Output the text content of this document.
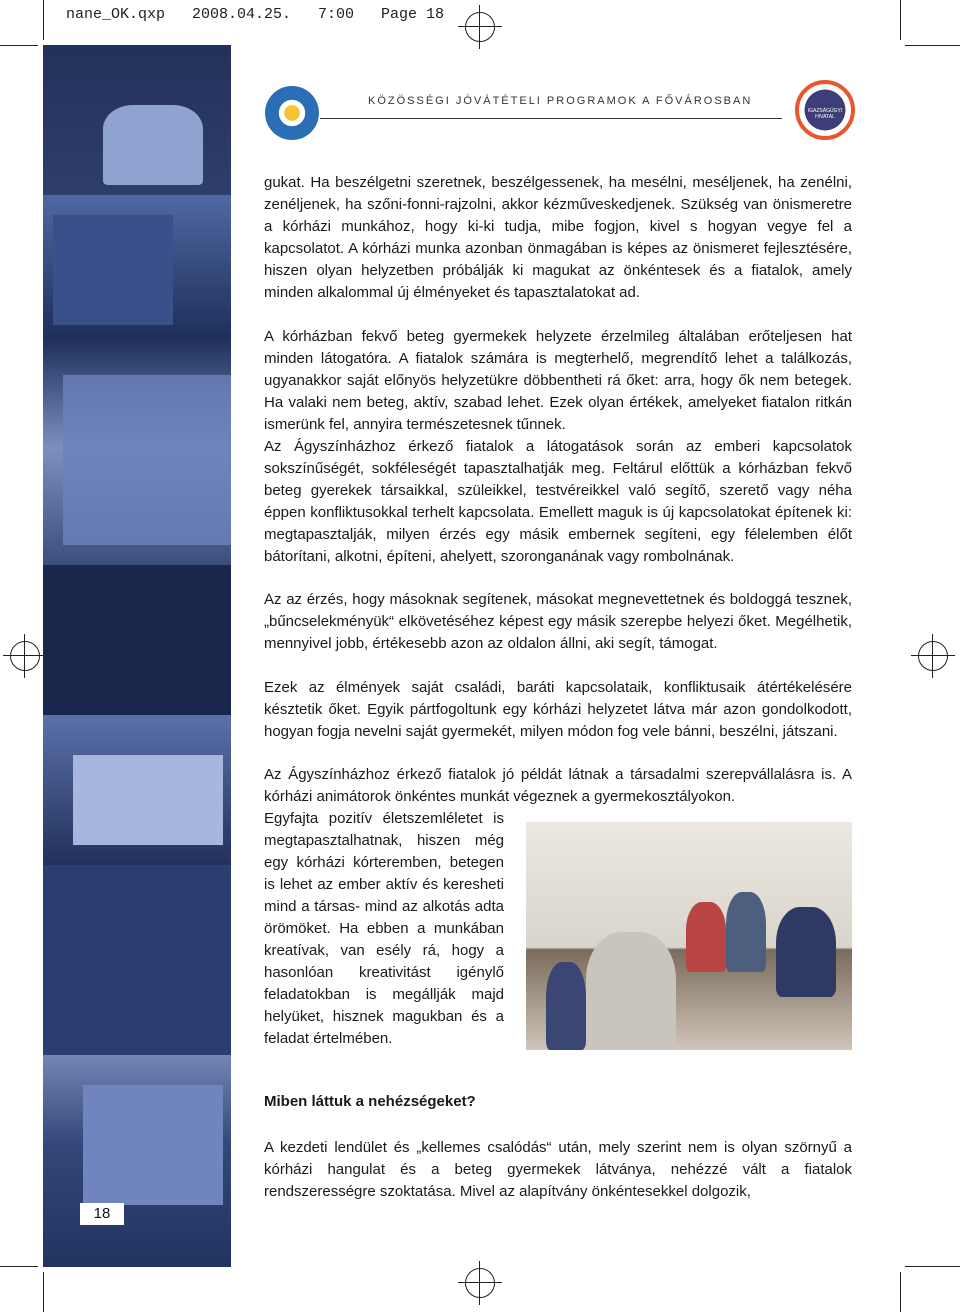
nane_OK.qxp   2008.04.25.   7:00   Page 18
18
KÖZÖSSÉGI JÓVÁTÉTELI PROGRAMOK A FŐVÁROSBAN
IGAZSÁGÜGYI HIVATAL

gukat. Ha beszélgetni szeretnek, beszélgessenek, ha mesélni, meséljenek, ha zenélni, zenéljenek, ha szőni-fonni-rajzolni, akkor kézműveskedjenek. Szükség van önismeretre a kórházi munkához, hogy ki-ki tudja, mibe fogjon, kivel s hogyan vegye fel a kapcsolatot. A kórházi munka azonban önmagában is képes az önismeret fejlesztésére, hiszen olyan helyzetben próbálják ki magukat az önkéntesek és a fiatalok, amely minden alkalommal új élményeket és tapasztalatokat ad.

A kórházban fekvő beteg gyermekek helyzete érzelmileg általában erőteljesen hat minden látogatóra. A fiatalok számára is megterhelő, megrendítő lehet a találkozás, ugyanakkor saját előnyös helyzetükre döbbentheti rá őket: arra, hogy ők nem betegek. Ha valaki nem beteg, aktív, szabad lehet. Ezek olyan értékek, amelyeket fiatalon ritkán ismerünk fel, annyira természetesnek tűnnek.

Az Ágyszínházhoz érkező fiatalok a látogatások során az emberi kapcsolatok sokszínűségét, sokféleségét tapasztalhatják meg. Feltárul előttük a kórházban fekvő beteg gyerekek társaikkal, szüleikkel, testvéreikkel való segítő, szerető vagy néha éppen konfliktusokkal terhelt kapcsolata. Emellett maguk is új kapcsolatokat építenek ki: megtapasztalják, milyen érzés egy másik embernek segíteni, egy félelemben élőt bátorítani, alkotni, építeni, ahelyett, szoronganának vagy rombolnának.

Az az érzés, hogy másoknak segítenek, másokat megnevettetnek és boldoggá tesznek, „bűncselekményük“ elkövetéséhez képest egy másik szerepbe helyezi őket. Megélhetik, mennyivel jobb, értékesebb azon az oldalon állni, aki segít, támogat.

Ezek az élmények saját családi, baráti kapcsolataik, konfliktusaik átértékelésére késztetik őket. Egyik pártfogoltunk egy kórházi helyzetet látva már azon gondolkodott, hogyan fogja nevelni saját gyermekét, milyen módon fog vele bánni, beszélni, játszani.

Az Ágyszínházhoz érkező fiatalok jó példát látnak a társadalmi szerepvállalásra is. A kórházi animátorok önkéntes munkát végeznek a gyermekosztályokon.

Egyfajta pozitív életszemléletet is megtapasztalhatnak, hiszen még egy kórházi kórteremben, betegen is lehet az ember aktív és keresheti mind a társas- mind az alkotás adta örömöket. Ha ebben a munkában kreatívak, van esély rá, hogy a hasonlóan kreativitást igénylő feladatokban is megállják majd helyüket, hisznek magukban és a feladat értelmében.

Miben láttuk a nehézségeket?

A kezdeti lendület és „kellemes csalódás“ után, mely szerint nem is olyan szörnyű a kórházi hangulat és a beteg gyermekek látványa, nehézzé vált a fiatalok rendszerességre szoktatása. Mivel az alapítvány önkéntesekkel dolgozik,
